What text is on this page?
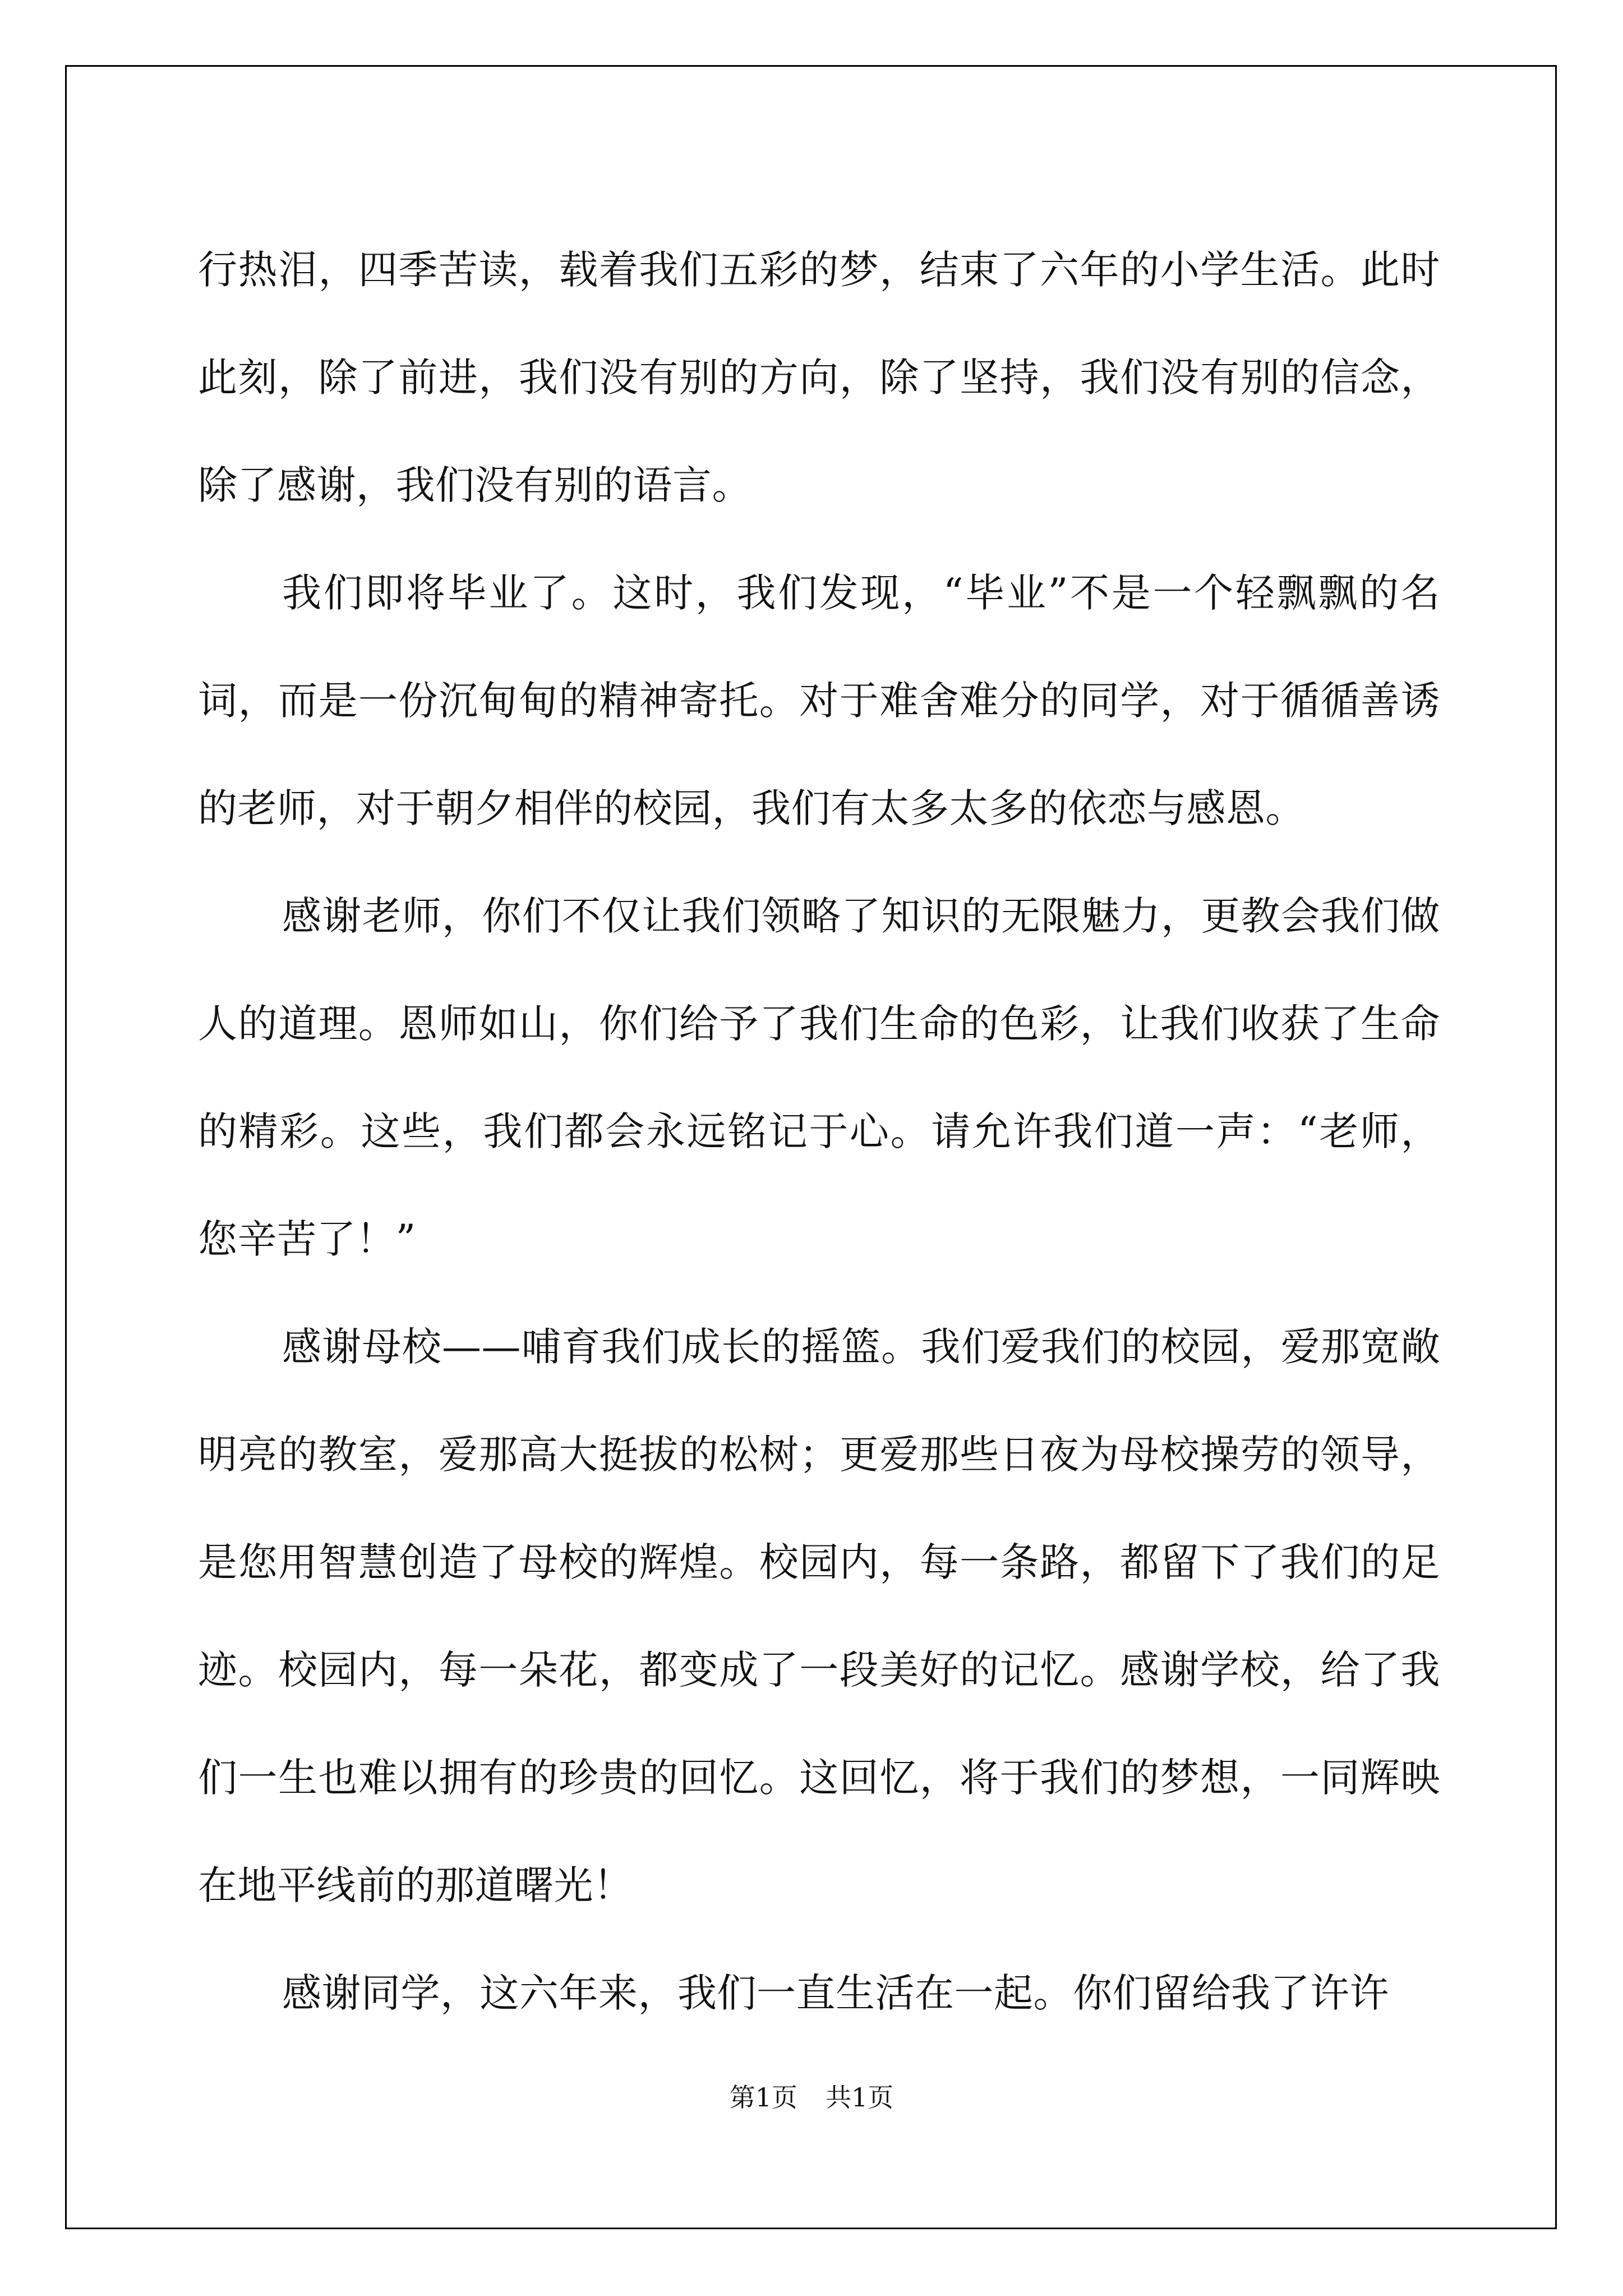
行热泪，四季苦读，载着我们五彩的梦，结束了六年的小学生活。此时此刻，除了前进，我们没有别的方向，除了坚持，我们没有别的信念，除了感谢，我们没有别的语言。

我们即将毕业了。这时，我们发现，“毕业”不是一个轻飘飘的名词，而是一份沉甸甸的精神寄托。对于难舍难分的同学，对于循循善诱的老师，对于朝夕相伴的校园，我们有太多太多的依恋与感恩。

感谢老师，你们不仅让我们领略了知识的无限魅力，更教会我们做人的道理。恩师如山，你们给予了我们生命的色彩，让我们收获了生命的精彩。这些，我们都会永远铭记于心。请允许我们道一声：“老师，您辛苦了！”

感谢母校——哺育我们成长的摇篮。我们爱我们的校园，爱那宽敞明亮的教室，爱那高大挺拔的松树；更爱那些日夜为母校操劳的领导，是您用智慧创造了母校的辉煌。校园内，每一条路，都留下了我们的足迹。校园内，每一朵花，都变成了一段美好的记忆。感谢学校，给了我们一生也难以拥有的珍贵的回忆。这回忆，将于我们的梦想，一同辉映在地平线前的那道曙光！

感谢同学，这六年来，我们一直生活在一起。你们留给我了许许

第1页 共1页
